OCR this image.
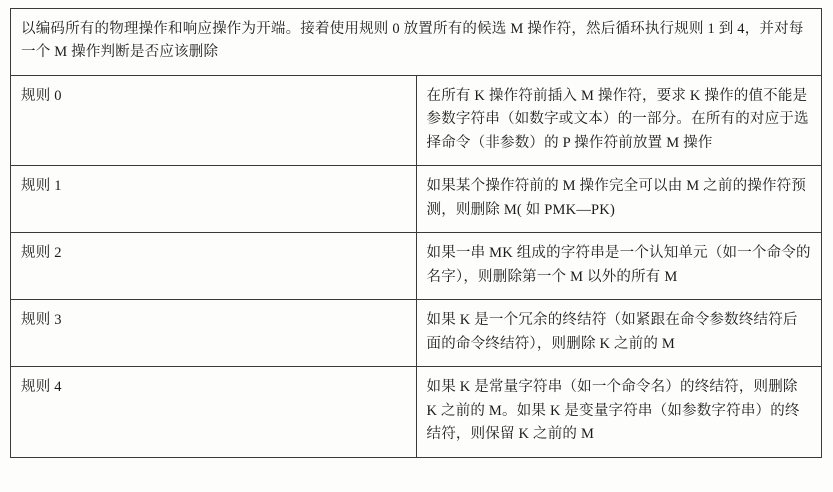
以编码所有的物理操作和响应操作为开端。接着使用规则 0 放置所有的候选 M 操作符，然后循环执行规则 1 到 4，并对每一个 M 操作判断是否应该删除	
规则 0	在所有 K 操作符前插入 M 操作符，要求 K 操作的值不能是参数字符串（如数字或文本）的一部分。在所有的对应于选择命令（非参数）的 P 操作符前放置 M 操作
规则 1	如果某个操作符前的 M 操作完全可以由 M 之前的操作符预测，则删除 M( 如 PMK—PK)
规则 2	如果一串 MK 组成的字符串是一个认知单元（如一个命令的名字），则删除第一个 M 以外的所有 M
规则 3	如果 K 是一个冗余的终结符（如紧跟在命令参数终结符后面的命令终结符），则删除 K 之前的 M
规则 4	如果 K 是常量字符串（如一个命令名）的终结符，则删除 K 之前的 M。如果 K 是变量字符串（如参数字符串）的终结符，则保留 K 之前的 M
